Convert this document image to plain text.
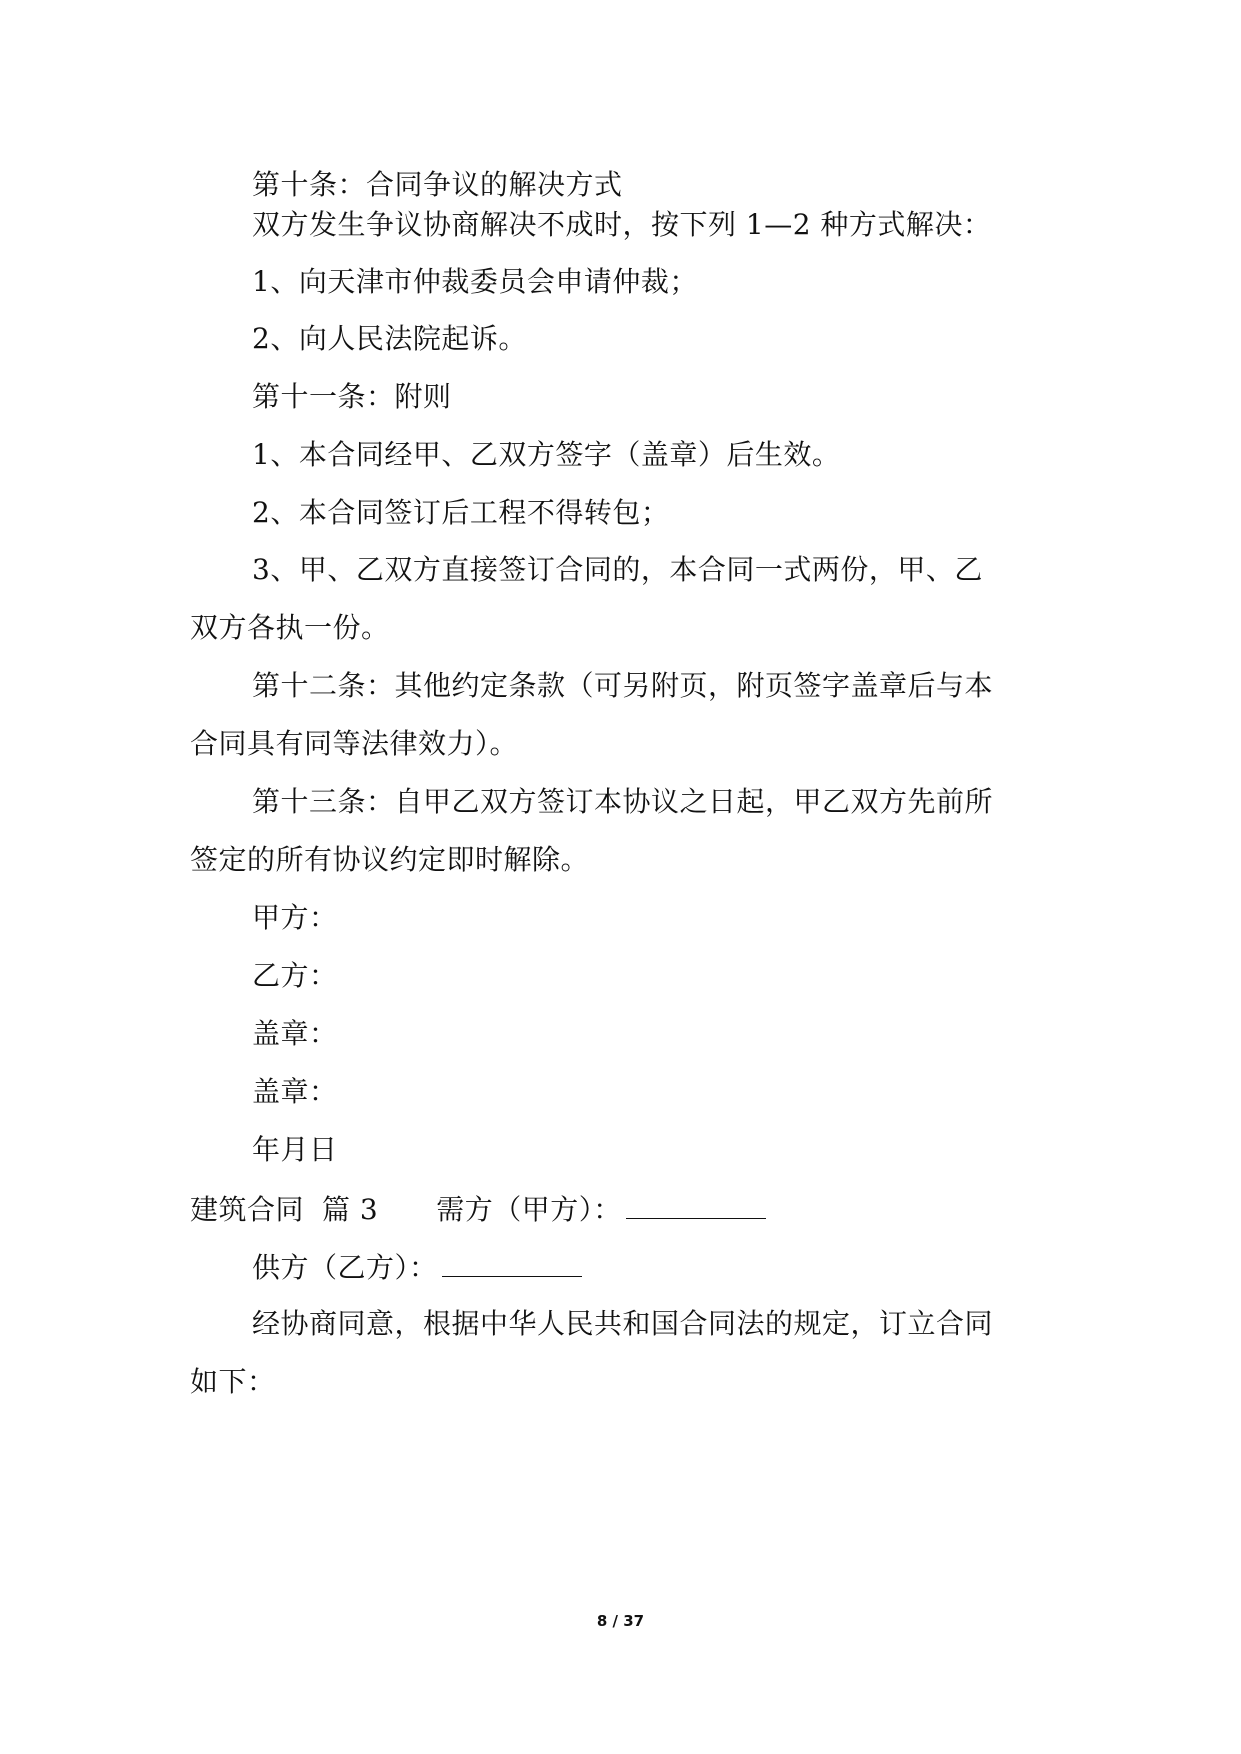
第十条：合同争议的解决方式
双方发生争议协商解决不成时，按下列 1—2 种方式解决：
1、向天津市仲裁委员会申请仲裁；
2、向人民法院起诉。
第十一条：附则
1、本合同经甲、乙双方签字（盖章）后生效。
2、本合同签订后工程不得转包；
3、甲、乙双方直接签订合同的，本合同一式两份，甲、乙
双方各执一份。
第十二条：其他约定条款（可另附页，附页签字盖章后与本
合同具有同等法律效力）。
第十三条：自甲乙双方签订本协议之日起，甲乙双方先前所
签定的所有协议约定即时解除。
甲方：
乙方：
盖章：
盖章：
年月日
建筑合同 篇 3 需方（甲方）：
供方（乙方）：
经协商同意，根据中华人民共和国合同法的规定，订立合同
如下：
8 / 37
